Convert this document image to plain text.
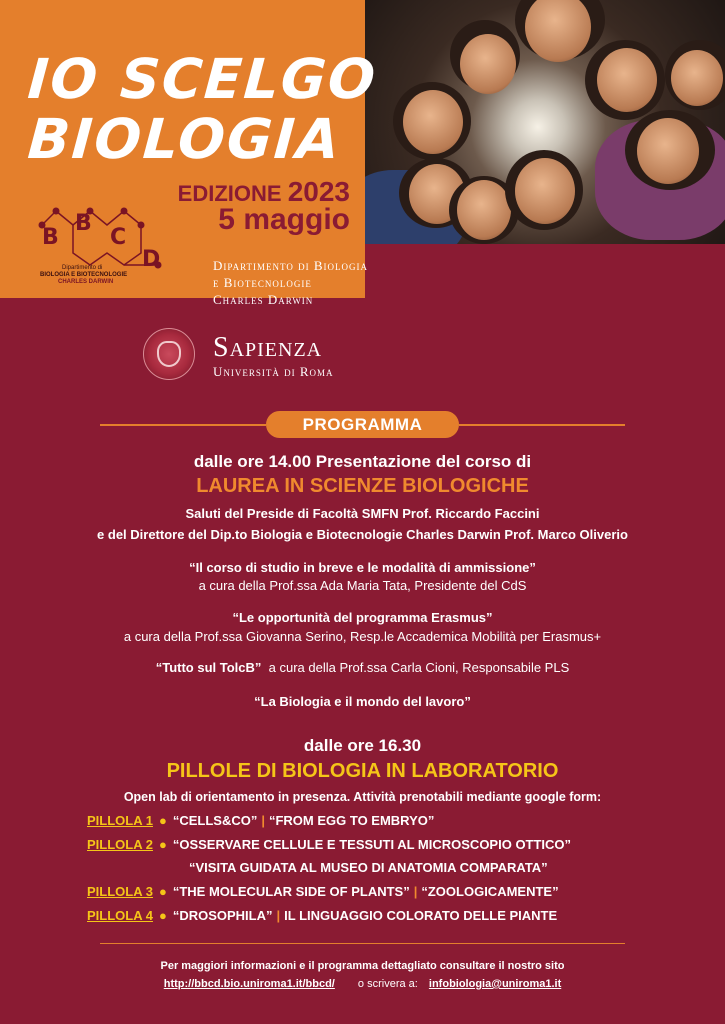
IO SCELGO
BIOLOGIA
EDIZIONE 2023
5 maggio
B
B
C
D
Dipartimento di
BIOLOGIA E BIOTECNOLOGIE
CHARLES DARWIN
Dipartimento di Biologia
e Biotecnologie
Charles Darwin
Sapienza
Università di Roma
PROGRAMMA
dalle ore 14.00 Presentazione del corso di
LAUREA IN SCIENZE BIOLOGICHE
Saluti del Preside di Facoltà SMFN Prof. Riccardo Faccini
e del Direttore del Dip.to Biologia e Biotecnologie Charles Darwin Prof. Marco Oliverio
“Il corso di studio in breve e le modalità di ammissione”
a cura della Prof.ssa Ada Maria Tata, Presidente del CdS
“Le opportunità del programma Erasmus”
a cura della Prof.ssa Giovanna Serino, Resp.le Accademica Mobilità per Erasmus+
“Tutto sul TolcB” a cura della Prof.ssa Carla Cioni, Responsabile PLS
“La Biologia e il mondo del lavoro”
dalle ore 16.30
PILLOLE DI BIOLOGIA IN LABORATORIO
Open lab di orientamento in presenza. Attività prenotabili mediante google form:
PILLOLA 1 ● “CELLS&CO” | “FROM EGG TO EMBRYO”
PILLOLA 2 ● “OSSERVARE CELLULE E TESSUTI AL MICROSCOPIO OTTICO”
“VISITA GUIDATA AL MUSEO DI ANATOMIA COMPARATA”
PILLOLA 3 ● “THE MOLECULAR SIDE OF PLANTS” | “ZOOLOGICAMENTE”
PILLOLA 4 ● “DROSOPHILA” | IL LINGUAGGIO COLORATO DELLE PIANTE
Per maggiori informazioni e il programma dettagliato consultare il nostro sito
http://bbcd.bio.uniroma1.it/bbcd/ o scrivera a: infobiologia@uniroma1.it
